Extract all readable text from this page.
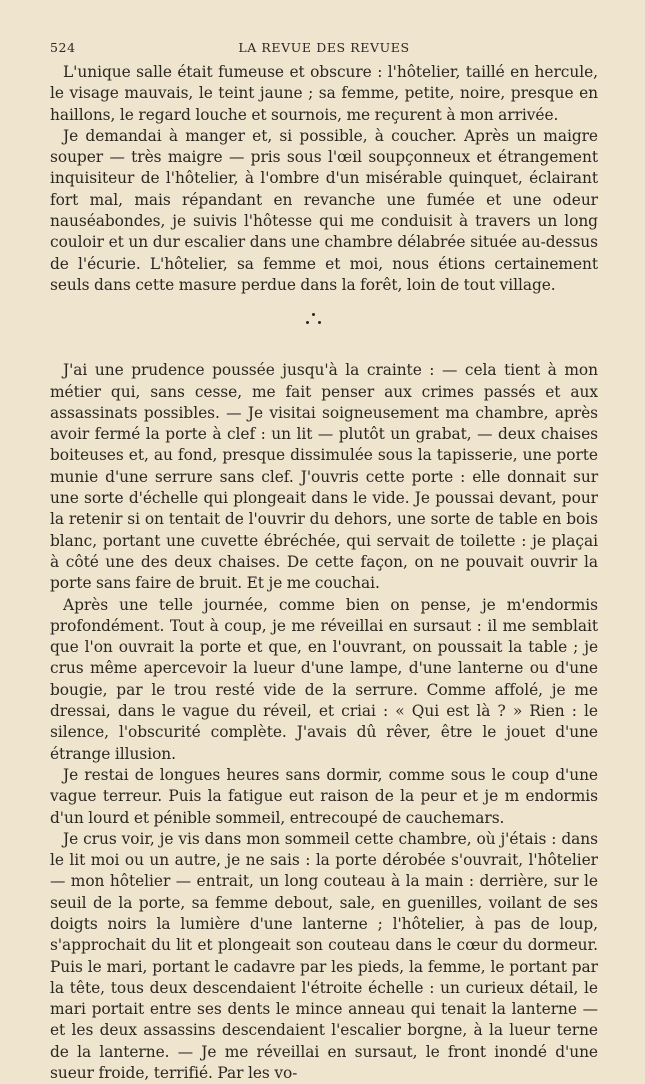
524	LA REVUE DES REVUES

L'unique salle était fumeuse et obscure : l'hôtelier, taillé en hercule, le visage mauvais, le teint jaune ; sa femme, petite, noire, presque en haillons, le regard louche et sournois, me reçurent à mon arrivée.

Je demandai à manger et, si possible, à coucher. Après un maigre souper — très maigre — pris sous l'œil soupçonneux et étrangement inquisiteur de l'hôtelier, à l'ombre d'un misérable quinquet, éclairant fort mal, mais répandant en revanche une fumée et une odeur nauséabondes, je suivis l'hôtesse qui me conduisit à travers un long couloir et un dur escalier dans une chambre délabrée située au-dessus de l'écurie. L'hôtelier, sa femme et moi, nous étions certainement seuls dans cette masure perdue dans la forêt, loin de tout village.

J'ai une prudence poussée jusqu'à la crainte : — cela tient à mon métier qui, sans cesse, me fait penser aux crimes passés et aux assassinats possibles. — Je visitai soigneusement ma chambre, après avoir fermé la porte à clef : un lit — plutôt un grabat, — deux chaises boiteuses et, au fond, presque dissimulée sous la tapisserie, une porte munie d'une serrure sans clef. J'ouvris cette porte : elle donnait sur une sorte d'échelle qui plongeait dans le vide. Je poussai devant, pour la retenir si on tentait de l'ouvrir du dehors, une sorte de table en bois blanc, portant une cuvette ébréchée, qui servait de toilette : je plaçai à côté une des deux chaises. De cette façon, on ne pouvait ouvrir la porte sans faire de bruit. Et je me couchai.

Après une telle journée, comme bien on pense, je m'endormis profondément. Tout à coup, je me réveillai en sursaut : il me semblait que l'on ouvrait la porte et que, en l'ouvrant, on poussait la table ; je crus même apercevoir la lueur d'une lampe, d'une lanterne ou d'une bougie, par le trou resté vide de la serrure. Comme affolé, je me dressai, dans le vague du réveil, et criai : « Qui est là ? » Rien : le silence, l'obscurité complète. J'avais dû rêver, être le jouet d'une étrange illusion.

Je restai de longues heures sans dormir, comme sous le coup d'une vague terreur. Puis la fatigue eut raison de la peur et je m endormis d'un lourd et pénible sommeil, entrecoupé de cauchemars.

Je crus voir, je vis dans mon sommeil cette chambre, où j'étais : dans le lit moi ou un autre, je ne sais : la porte dérobée s'ouvrait, l'hôtelier — mon hôtelier — entrait, un long couteau à la main : derrière, sur le seuil de la porte, sa femme debout, sale, en guenilles, voilant de ses doigts noirs la lumière d'une lanterne ; l'hôtelier, à pas de loup, s'approchait du lit et plongeait son couteau dans le cœur du dormeur. Puis le mari, portant le cadavre par les pieds, la femme, le portant par la tête, tous deux descendaient l'étroite échelle : un curieux détail, le mari portait entre ses dents le mince anneau qui tenait la lanterne — et les deux assassins descendaient l'escalier borgne, à la lueur terne de la lanterne. — Je me réveillai en sursaut, le front inondé d'une sueur froide, terrifié. Par les vo-
